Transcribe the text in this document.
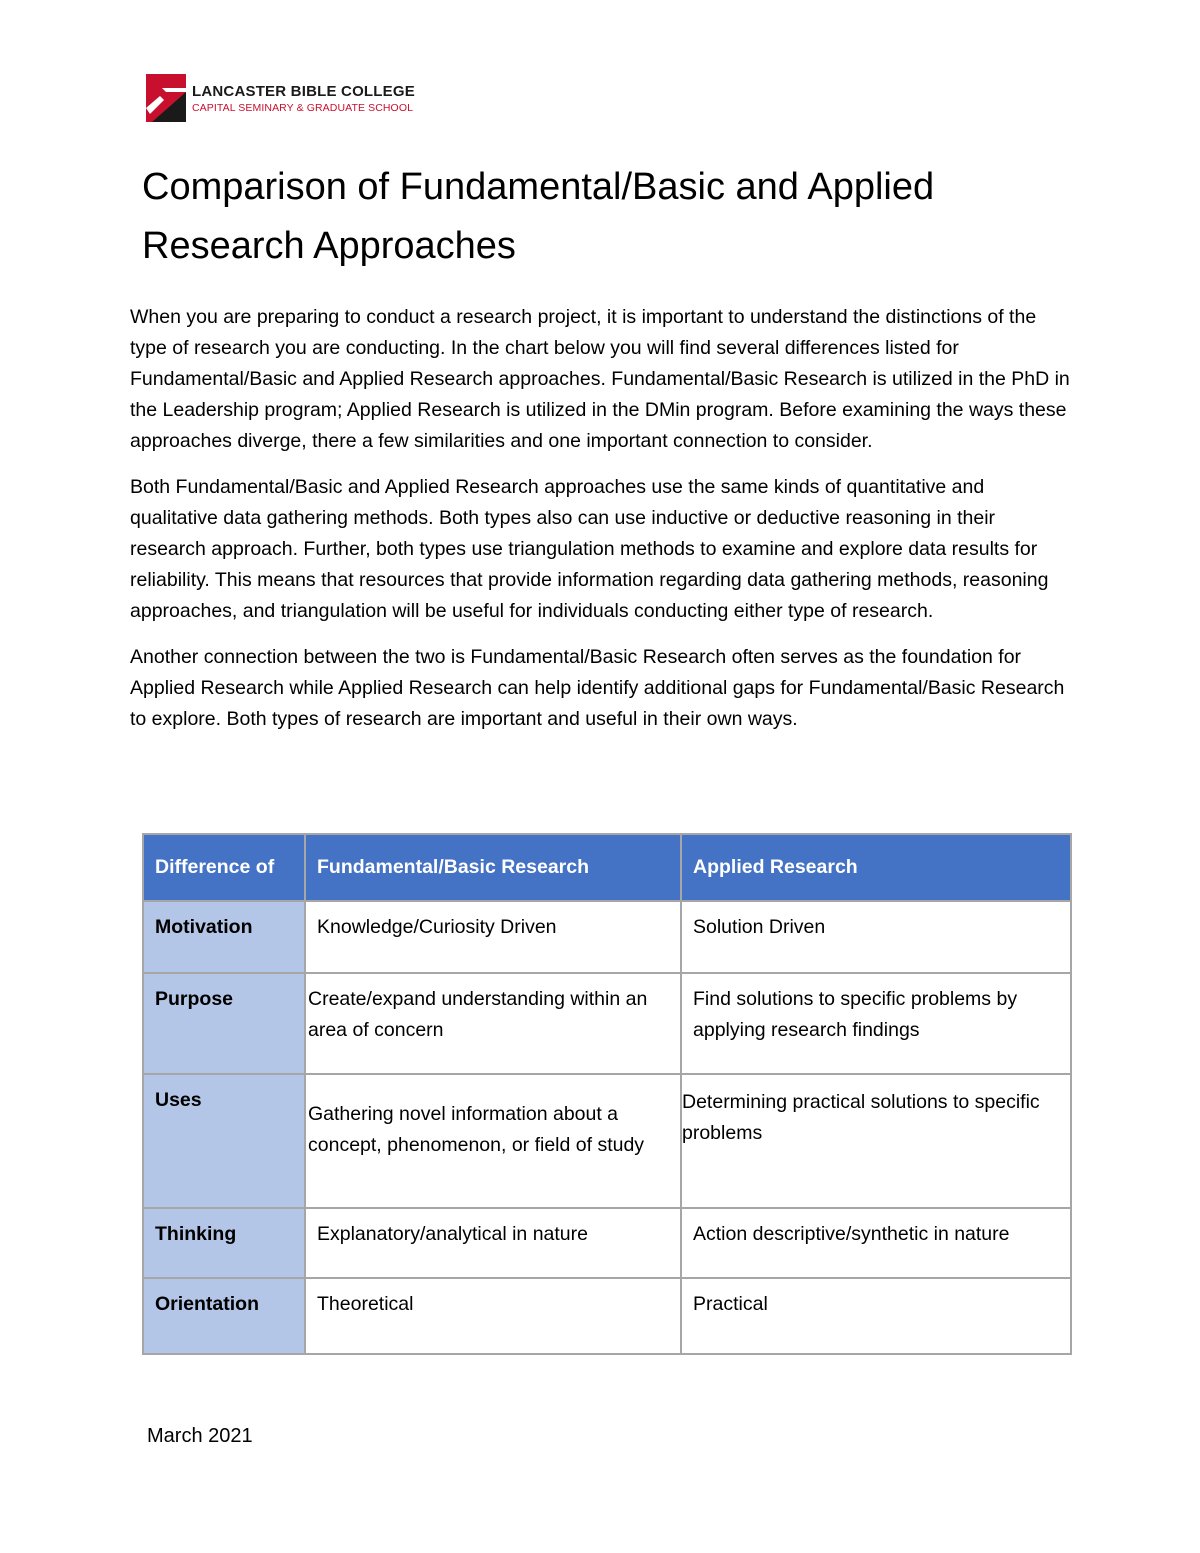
LANCASTER BIBLE COLLEGE
CAPITAL SEMINARY & GRADUATE SCHOOL
Comparison of Fundamental/Basic and Applied Research Approaches

When you are preparing to conduct a research project, it is important to understand the distinctions of the type of research you are conducting. In the chart below you will find several differences listed for Fundamental/Basic and Applied Research approaches. Fundamental/Basic Research is utilized in the PhD in the Leadership program; Applied Research is utilized in the DMin program. Before examining the ways these approaches diverge, there a few similarities and one important connection to consider.

Both Fundamental/Basic and Applied Research approaches use the same kinds of quantitative and qualitative data gathering methods. Both types also can use inductive or deductive reasoning in their research approach. Further, both types use triangulation methods to examine and explore data results for reliability. This means that resources that provide information regarding data gathering methods, reasoning approaches, and triangulation will be useful for individuals conducting either type of research.

Another connection between the two is Fundamental/Basic Research often serves as the foundation for Applied Research while Applied Research can help identify additional gaps for Fundamental/Basic Research to explore. Both types of research are important and useful in their own ways.

Difference of	Fundamental/Basic Research	Applied Research
Motivation	Knowledge/Curiosity Driven	Solution Driven
Purpose	Create/expand understanding within an area of concern	Find solutions to specific problems by applying research findings
Uses	Gathering novel information about a concept, phenomenon, or field of study	Determining practical solutions to specific problems
Thinking	Explanatory/analytical in nature	Action descriptive/synthetic in nature
Orientation	Theoretical	Practical
March 2021
